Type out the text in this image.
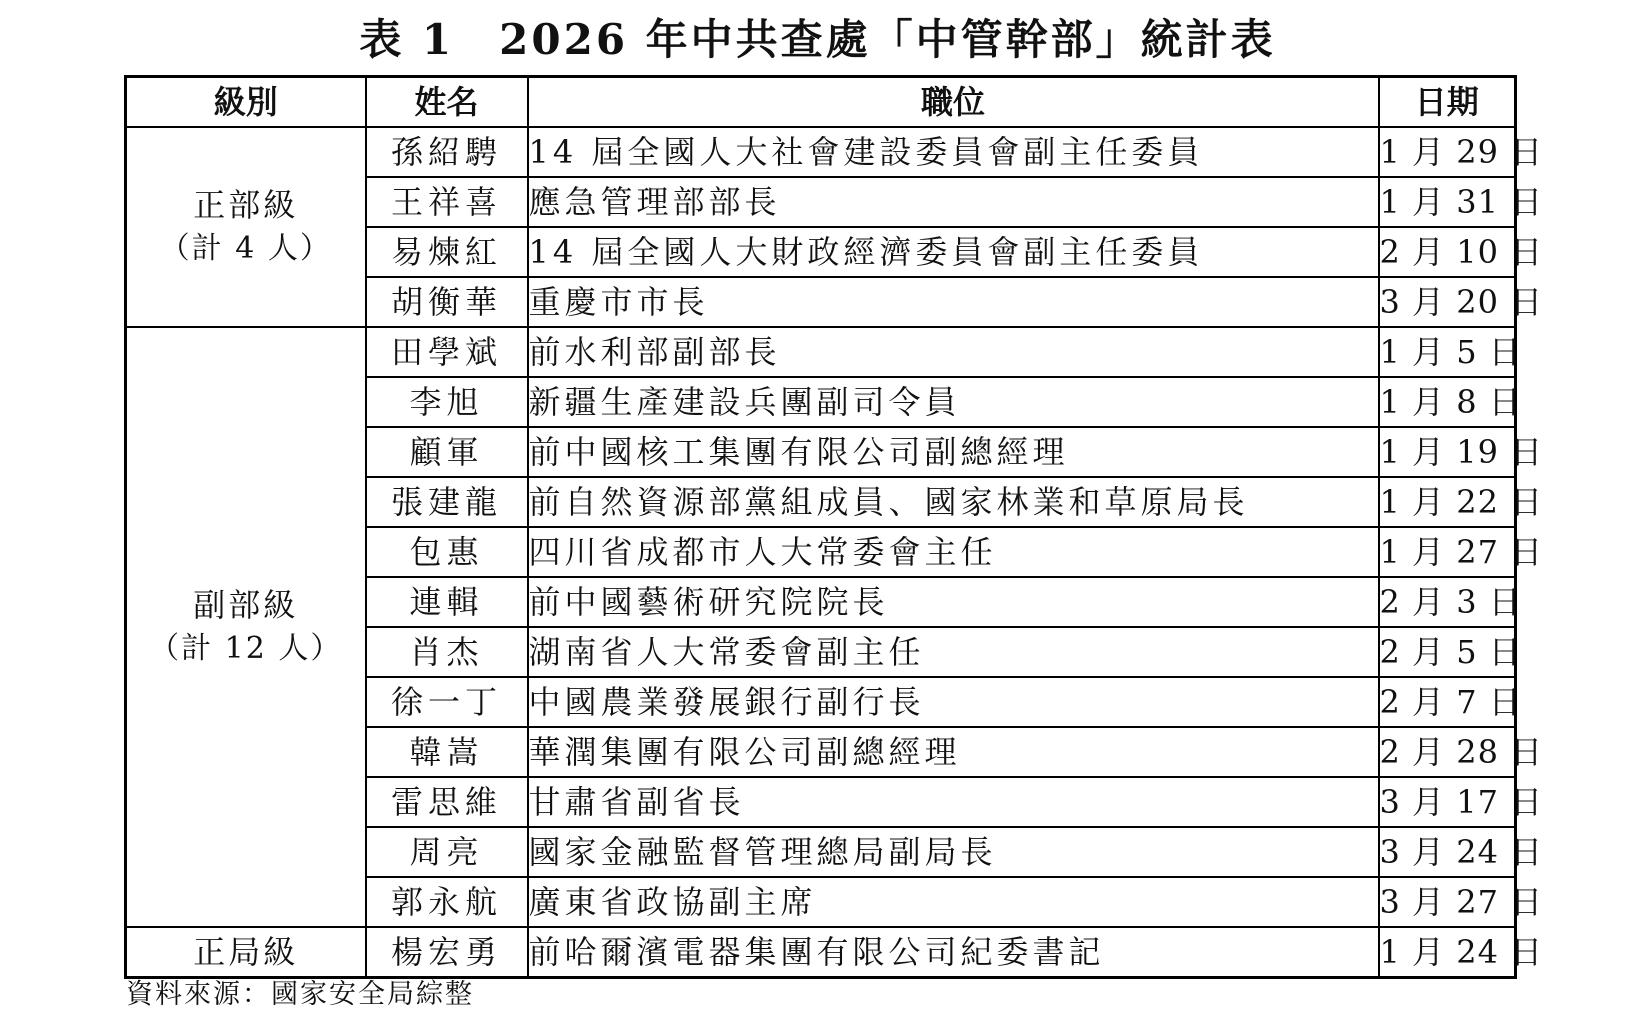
表 1　2026 年中共查處「中管幹部」統計表
級別	姓名	職位	日期
正部級
（計 4 人）	孫紹騁	14 屆全國人大社會建設委員會副主任委員	1 月 29 日
	王祥喜	應急管理部部長	1 月 31 日
	易煉紅	14 屆全國人大財政經濟委員會副主任委員	2 月 10 日
	胡衡華	重慶市市長	3 月 20 日
副部級
（計 12 人）	田學斌	前水利部副部長	1 月 5 日
	李旭	新疆生產建設兵團副司令員	1 月 8 日
	顧軍	前中國核工集團有限公司副總經理	1 月 19 日
	張建龍	前自然資源部黨組成員、國家林業和草原局長	1 月 22 日
	包惠	四川省成都市人大常委會主任	1 月 27 日
	連輯	前中國藝術研究院院長	2 月 3 日
	肖杰	湖南省人大常委會副主任	2 月 5 日
	徐一丁	中國農業發展銀行副行長	2 月 7 日
	韓嵩	華潤集團有限公司副總經理	2 月 28 日
	雷思維	甘肅省副省長	3 月 17 日
	周亮	國家金融監督管理總局副局長	3 月 24 日
	郭永航	廣東省政協副主席	3 月 27 日
正局級	楊宏勇	前哈爾濱電器集團有限公司紀委書記	1 月 24 日
資料來源：國家安全局綜整
